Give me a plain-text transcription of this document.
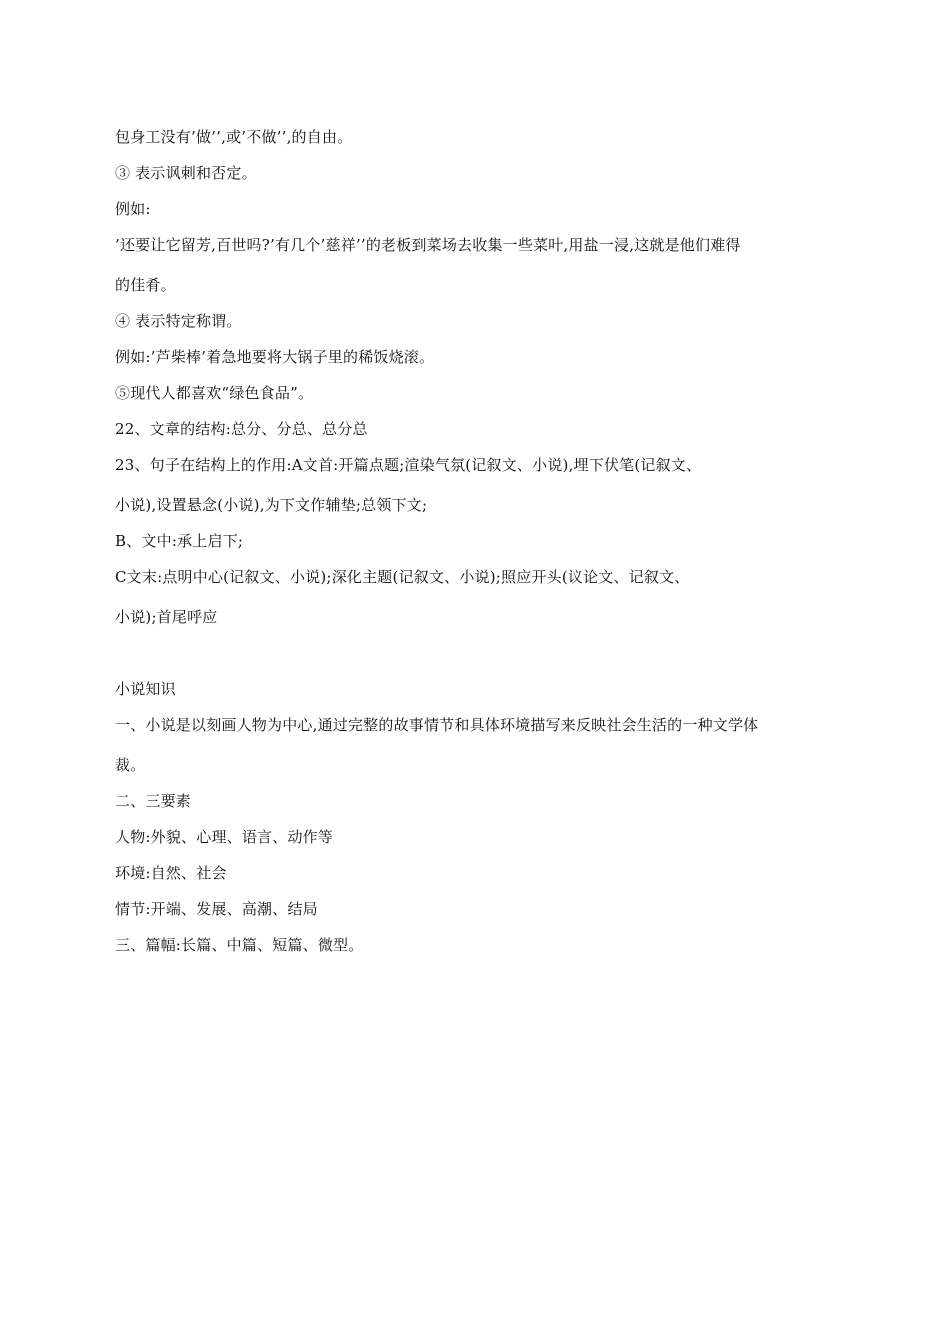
包身工没有’做’’,或’不做’’,的自由。
③ 表示讽刺和否定。
例如:
’还要让它留芳,百世吗?’有几个’慈祥’’的老板到菜场去收集一些菜叶,用盐一浸,这就是他们难得
的佳肴。
④ 表示特定称谓。
例如:’芦柴棒’着急地要将大锅子里的稀饭烧滚。
⑤现代人都喜欢“绿色食品”。
22、文章的结构:总分、分总、总分总
23、句子在结构上的作用:A文首:开篇点题;渲染气氛(记叙文、小说),埋下伏笔(记叙文、
小说),设置悬念(小说),为下文作辅垫;总领下文;
B、文中:承上启下;
C文末:点明中心(记叙文、小说);深化主题(记叙文、小说);照应开头(议论文、记叙文、
小说);首尾呼应
小说知识
一、小说是以刻画人物为中心,通过完整的故事情节和具体环境描写来反映社会生活的一种文学体
裁。
二、三要素
人物:外貌、心理、语言、动作等
环境:自然、社会
情节:开端、发展、高潮、结局
三、篇幅:长篇、中篇、短篇、微型。
